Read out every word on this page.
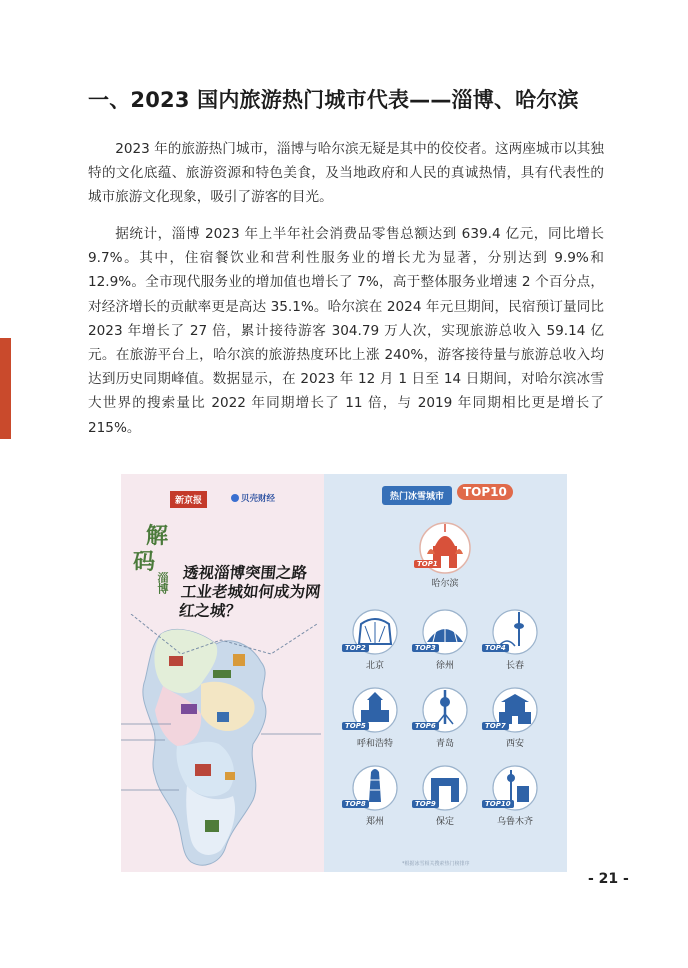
一、2023 国内旅游热门城市代表——淄博、哈尔滨

2023 年的旅游热门城市，淄博与哈尔滨无疑是其中的佼佼者。这两座城市以其独特的文化底蕴、旅游资源和特色美食，及当地政府和人民的真诚热情，具有代表性的城市旅游文化现象，吸引了游客的目光。

据统计，淄博 2023 年上半年社会消费品零售总额达到 639.4 亿元，同比增长 9.7%。其中，住宿餐饮业和营利性服务业的增长尤为显著，分别达到 9.9%和 12.9%。全市现代服务业的增加值也增长了 7%，高于整体服务业增速 2 个百分点，对经济增长的贡献率更是高达 35.1%。哈尔滨在 2024 年元旦期间，民宿预订量同比 2023 年增长了 27 倍，累计接待游客 304.79 万人次，实现旅游总收入 59.14 亿元。在旅游平台上，哈尔滨的旅游热度环比上涨 240%，游客接待量与旅游总收入均达到历史同期峰值。数据显示，在 2023 年 12 月 1 日至 14 日期间，对哈尔滨冰雪大世界的搜索量比 2022 年同期增长了 11 倍，与 2019 年同期相比更是增长了 215%。

新京报	贝壳财经
解
码
淄博 透视淄博突围之路 工业老城如何成为网红之城？
热门冰雪城市	TOP10
TOP1
哈尔滨
TOP2
北京
TOP3
徐州
TOP4
长春
TOP5
呼和浩特
TOP6
青岛
TOP7
西安
TOP8
郑州
TOP9
保定
TOP10
乌鲁木齐
*根据冰雪相关搜索热门榜排序
- 21 -
